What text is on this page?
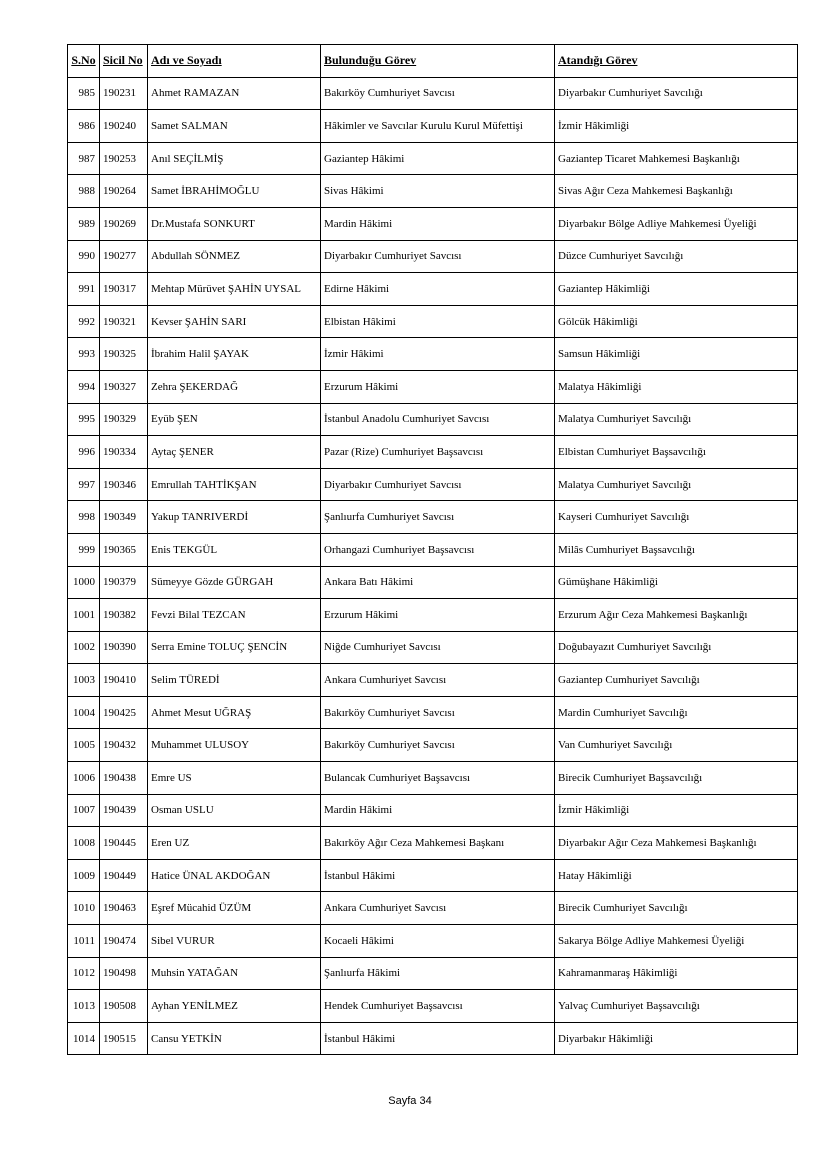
S.No	Sicil No	Adı ve Soyadı	Bulunduğu Görev	Atandığı Görev
985	190231	Ahmet RAMAZAN	Bakırköy Cumhuriyet Savcısı	Diyarbakır Cumhuriyet Savcılığı
986	190240	Samet SALMAN	Hâkimler ve Savcılar Kurulu Kurul Müfettişi	İzmir Hâkimliği
987	190253	Anıl SEÇİLMİŞ	Gaziantep Hâkimi	Gaziantep Ticaret Mahkemesi Başkanlığı
988	190264	Samet İBRAHİMOĞLU	Sivas Hâkimi	Sivas Ağır Ceza Mahkemesi Başkanlığı
989	190269	Dr.Mustafa SONKURT	Mardin Hâkimi	Diyarbakır Bölge Adliye Mahkemesi Üyeliği
990	190277	Abdullah SÖNMEZ	Diyarbakır Cumhuriyet Savcısı	Düzce Cumhuriyet Savcılığı
991	190317	Mehtap Mürüvet ŞAHİN UYSAL	Edirne Hâkimi	Gaziantep Hâkimliği
992	190321	Kevser ŞAHİN SARI	Elbistan Hâkimi	Gölcük Hâkimliği
993	190325	İbrahim Halil ŞAYAK	İzmir Hâkimi	Samsun Hâkimliği
994	190327	Zehra ŞEKERDAĞ	Erzurum Hâkimi	Malatya Hâkimliği
995	190329	Eyüb ŞEN	İstanbul Anadolu Cumhuriyet Savcısı	Malatya Cumhuriyet Savcılığı
996	190334	Aytaç ŞENER	Pazar (Rize) Cumhuriyet Başsavcısı	Elbistan Cumhuriyet Başsavcılığı
997	190346	Emrullah TAHTİKŞAN	Diyarbakır Cumhuriyet Savcısı	Malatya Cumhuriyet Savcılığı
998	190349	Yakup TANRIVERDİ	Şanlıurfa Cumhuriyet Savcısı	Kayseri Cumhuriyet Savcılığı
999	190365	Enis TEKGÜL	Orhangazi Cumhuriyet Başsavcısı	Milâs Cumhuriyet Başsavcılığı
1000	190379	Sümeyye Gözde GÜRGAH	Ankara Batı Hâkimi	Gümüşhane Hâkimliği
1001	190382	Fevzi Bilal TEZCAN	Erzurum Hâkimi	Erzurum Ağır Ceza Mahkemesi Başkanlığı
1002	190390	Serra Emine TOLUÇ ŞENCİN	Niğde Cumhuriyet Savcısı	Doğubayazıt Cumhuriyet Savcılığı
1003	190410	Selim TÜREDİ	Ankara Cumhuriyet Savcısı	Gaziantep Cumhuriyet Savcılığı
1004	190425	Ahmet Mesut UĞRAŞ	Bakırköy Cumhuriyet Savcısı	Mardin Cumhuriyet Savcılığı
1005	190432	Muhammet ULUSOY	Bakırköy Cumhuriyet Savcısı	Van Cumhuriyet Savcılığı
1006	190438	Emre US	Bulancak Cumhuriyet Başsavcısı	Birecik Cumhuriyet Başsavcılığı
1007	190439	Osman USLU	Mardin Hâkimi	İzmir Hâkimliği
1008	190445	Eren UZ	Bakırköy Ağır Ceza Mahkemesi Başkanı	Diyarbakır Ağır Ceza Mahkemesi Başkanlığı
1009	190449	Hatice ÜNAL AKDOĞAN	İstanbul Hâkimi	Hatay Hâkimliği
1010	190463	Eşref Mücahid ÜZÜM	Ankara Cumhuriyet Savcısı	Birecik Cumhuriyet Savcılığı
1011	190474	Sibel VURUR	Kocaeli Hâkimi	Sakarya Bölge Adliye Mahkemesi Üyeliği
1012	190498	Muhsin YATAĞAN	Şanlıurfa Hâkimi	Kahramanmaraş Hâkimliği
1013	190508	Ayhan YENİLMEZ	Hendek Cumhuriyet Başsavcısı	Yalvaç Cumhuriyet Başsavcılığı
1014	190515	Cansu YETKİN	İstanbul Hâkimi	Diyarbakır Hâkimliği
Sayfa 34
